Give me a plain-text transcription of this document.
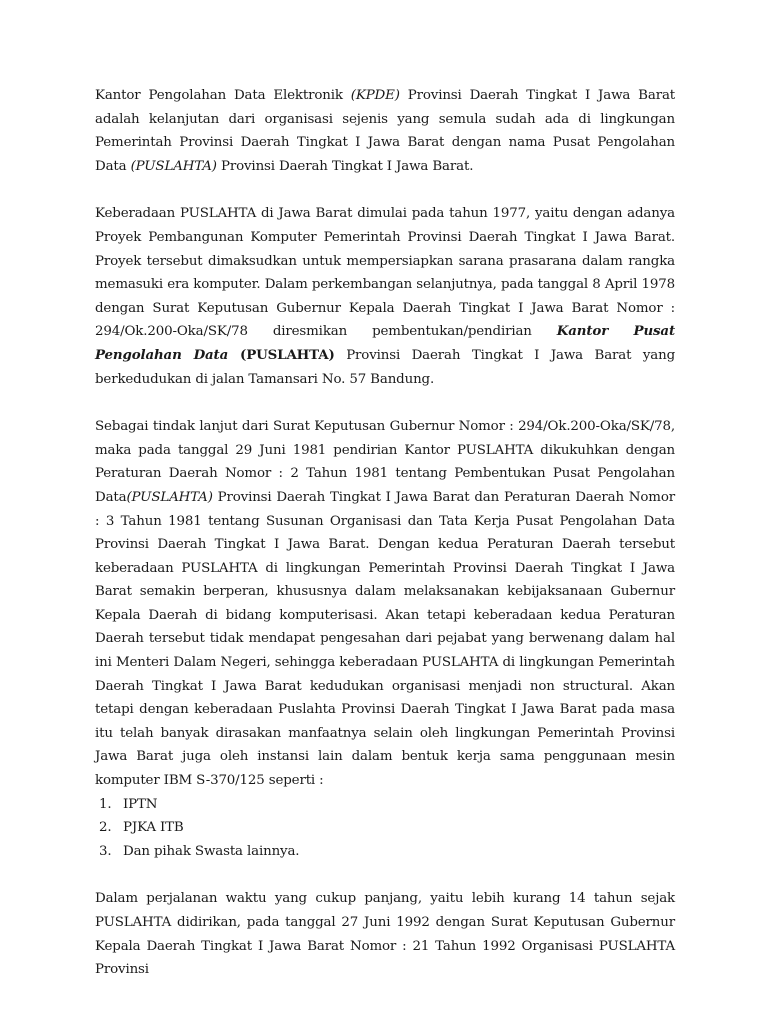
Kantor Pengolahan Data Elektronik (KPDE) Provinsi Daerah Tingkat I Jawa Barat adalah kelanjutan dari organisasi sejenis yang semula sudah ada di lingkungan Pemerintah Provinsi Daerah Tingkat I Jawa Barat dengan nama Pusat Pengolahan Data (PUSLAHTA) Provinsi Daerah Tingkat I Jawa Barat.

Keberadaan PUSLAHTA di Jawa Barat dimulai pada tahun 1977, yaitu dengan adanya Proyek Pembangunan Komputer Pemerintah Provinsi Daerah Tingkat I Jawa Barat. Proyek tersebut dimaksudkan untuk mempersiapkan sarana prasarana dalam rangka memasuki era komputer. Dalam perkembangan selanjutnya, pada tanggal 8 April 1978 dengan Surat Keputusan Gubernur Kepala Daerah Tingkat I Jawa Barat Nomor : 294/Ok.200-Oka/SK/78 diresmikan pembentukan/pendirian Kantor Pusat Pengolahan Data (PUSLAHTA) Provinsi Daerah Tingkat I Jawa Barat yang berkedudukan di jalan Tamansari No. 57 Bandung.

Sebagai tindak lanjut dari Surat Keputusan Gubernur Nomor : 294/Ok.200-Oka/SK/78, maka pada tanggal 29 Juni 1981 pendirian Kantor PUSLAHTA dikukuhkan dengan Peraturan Daerah Nomor : 2 Tahun 1981 tentang Pembentukan Pusat Pengolahan Data(PUSLAHTA) Provinsi Daerah Tingkat I Jawa Barat dan Peraturan Daerah Nomor : 3 Tahun 1981 tentang Susunan Organisasi dan Tata Kerja Pusat Pengolahan Data Provinsi Daerah Tingkat I Jawa Barat. Dengan kedua Peraturan Daerah tersebut keberadaan PUSLAHTA di lingkungan Pemerintah Provinsi Daerah Tingkat I Jawa Barat semakin berperan, khususnya dalam melaksanakan kebijaksanaan Gubernur Kepala Daerah di bidang komputerisasi. Akan tetapi keberadaan kedua Peraturan Daerah tersebut tidak mendapat pengesahan dari pejabat yang berwenang dalam hal ini Menteri Dalam Negeri, sehingga keberadaan PUSLAHTA di lingkungan Pemerintah Daerah Tingkat I Jawa Barat kedudukan organisasi menjadi non structural. Akan tetapi dengan keberadaan Puslahta Provinsi Daerah Tingkat I Jawa Barat pada masa itu telah banyak dirasakan manfaatnya selain oleh lingkungan Pemerintah Provinsi Jawa Barat juga oleh instansi lain dalam bentuk kerja sama penggunaan mesin komputer IBM S-370/125 seperti :

1. IPTN
2. PJKA ITB
3. Dan pihak Swasta lainnya.

Dalam perjalanan waktu yang cukup panjang, yaitu lebih kurang 14 tahun sejak PUSLAHTA didirikan, pada tanggal 27 Juni 1992 dengan Surat Keputusan Gubernur Kepala Daerah Tingkat I Jawa Barat Nomor : 21 Tahun 1992 Organisasi PUSLAHTA Provinsi
